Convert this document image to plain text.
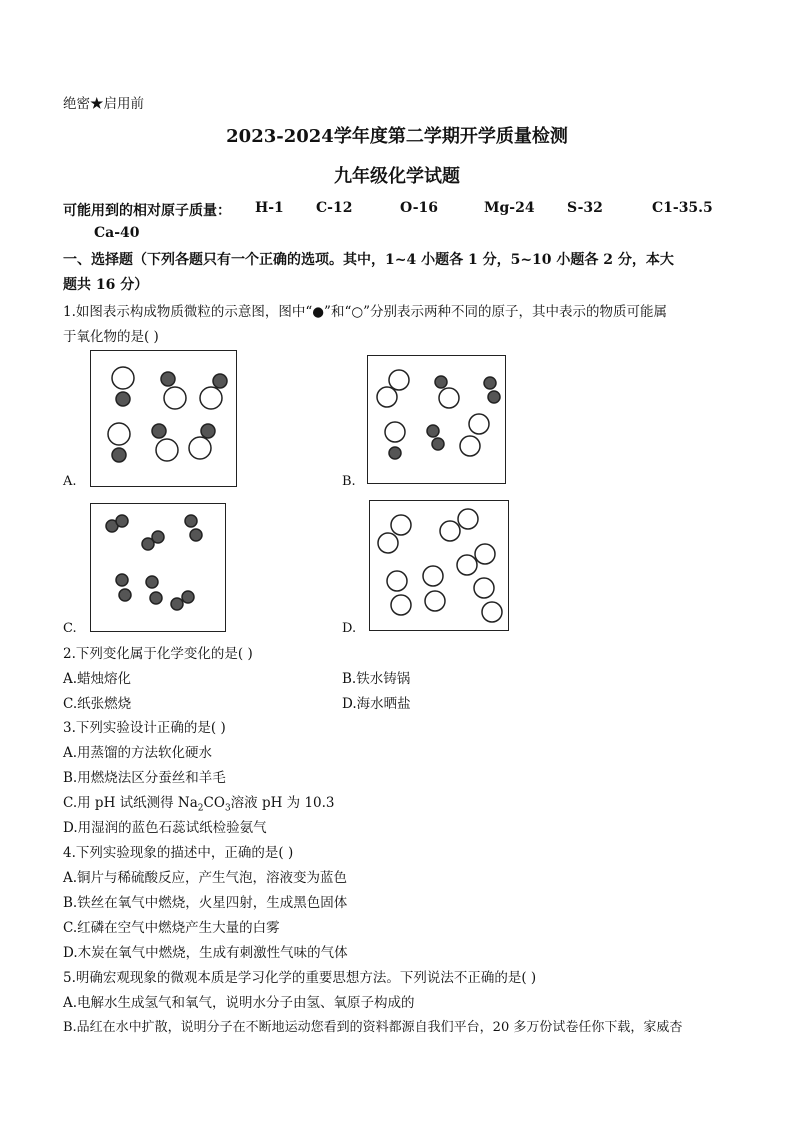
绝密★启用前
2023-2024学年度第二学期开学质量检测
九年级化学试题
可能用到的相对原子质量： H-1 C-12	O-16	Mg-24 S-32	C1-35.5
Ca-40
一、选择题（下列各题只有一个正确的选项。其中，1~4 小题各 1 分，5~10 小题各 2 分，本大
题共 16 分）
1.如图表示构成物质微粒的示意图，图中“●”和“○”分别表示两种不同的原子，其中表示的物质可能属
于氧化物的是( )
A.	B.
C.	D.
2.下列变化属于化学变化的是( )
A.蜡烛熔化	B.铁水铸锅
C.纸张燃烧	D.海水晒盐
3.下列实验设计正确的是( )
A.用蒸馏的方法软化硬水
B.用燃烧法区分蚕丝和羊毛
C.用 pH 试纸测得 $Na_2CO_3$溶液 pH 为 10.3
D.用湿润的蓝色石蕊试纸检验氨气
4.下列实验现象的描述中，正确的是( )
A.铜片与稀硫酸反应，产生气泡，溶液变为蓝色
B.铁丝在氧气中燃烧，火星四射，生成黑色固体
C.红磷在空气中燃烧产生大量的白雾
D.木炭在氧气中燃烧，生成有刺激性气味的气体
5.明确宏观现象的微观本质是学习化学的重要思想方法。下列说法不正确的是( )
A.电解水生成氢气和氧气，说明水分子由氢、氧原子构成的
B.品红在水中扩散，说明分子在不断地运动您看到的资料都源自我们平台，20 多万份试卷任你下载，家威杏
